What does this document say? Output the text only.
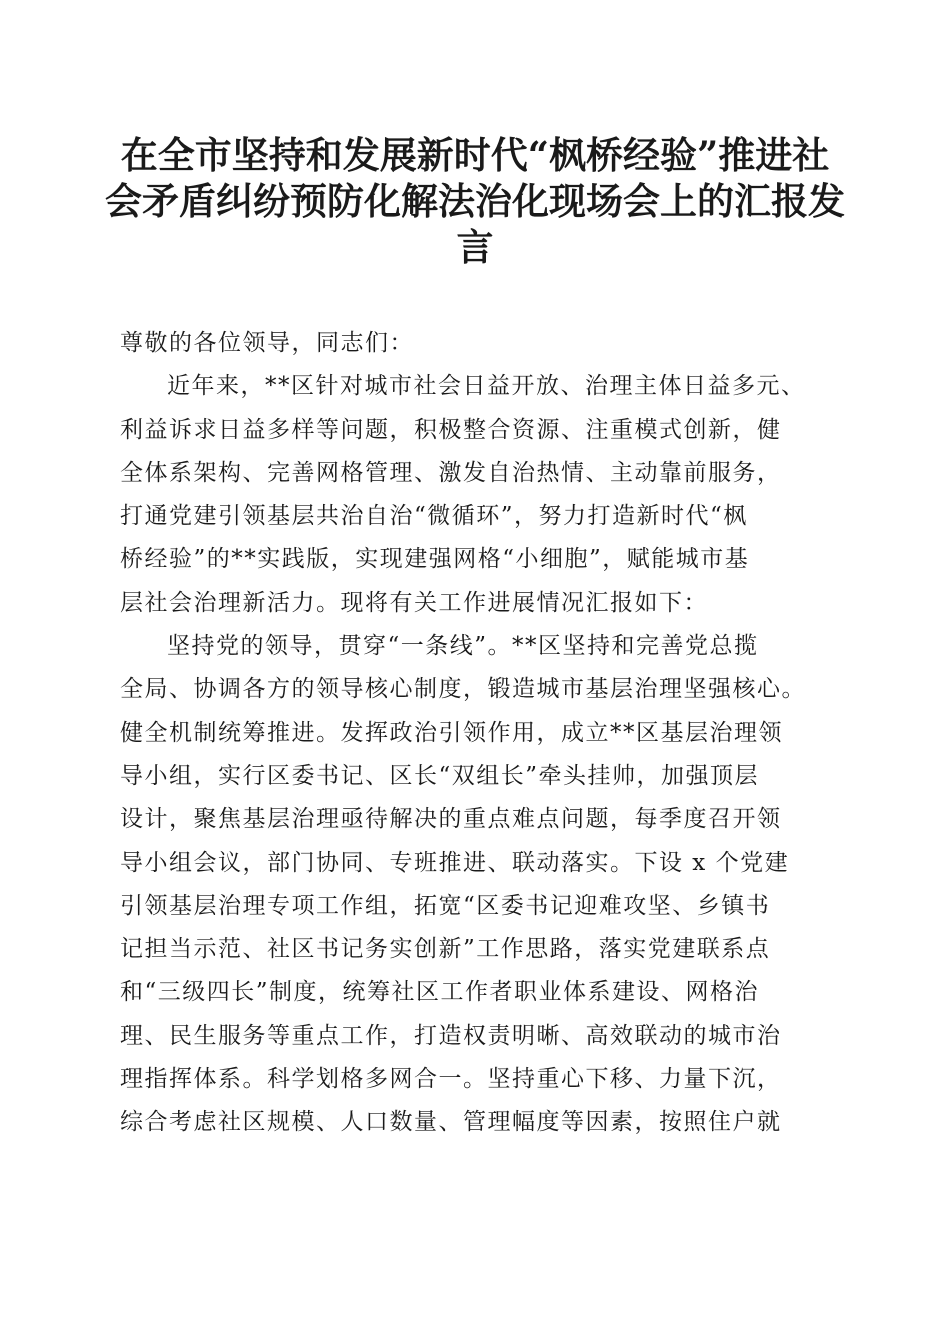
在全市坚持和发展新时代“枫桥经验”推进社
会矛盾纠纷预防化解法治化现场会上的汇报发
言
尊敬的各位领导，同志们：
近年来，**区针对城市社会日益开放、治理主体日益多元、
利益诉求日益多样等问题，积极整合资源、注重模式创新，健
全体系架构、完善网格管理、激发自治热情、主动靠前服务，
打通党建引领基层共治自治“微循环”，努力打造新时代“枫
桥经验”的**实践版，实现建强网格“小细胞”，赋能城市基
层社会治理新活力。现将有关工作进展情况汇报如下：
坚持党的领导，贯穿“一条线”。**区坚持和完善党总揽
全局、协调各方的领导核心制度，锻造城市基层治理坚强核心。
健全机制统筹推进。发挥政治引领作用，成立**区基层治理领
导小组，实行区委书记、区长“双组长”牵头挂帅，加强顶层
设计，聚焦基层治理亟待解决的重点难点问题，每季度召开领
导小组会议，部门协同、专班推进、联动落实。下设 x 个党建
引领基层治理专项工作组，拓宽“区委书记迎难攻坚、乡镇书
记担当示范、社区书记务实创新”工作思路，落实党建联系点
和“三级四长”制度，统筹社区工作者职业体系建设、网格治
理、民生服务等重点工作，打造权责明晰、高效联动的城市治
理指挥体系。科学划格多网合一。坚持重心下移、力量下沉，
综合考虑社区规模、人口数量、管理幅度等因素，按照住户就
